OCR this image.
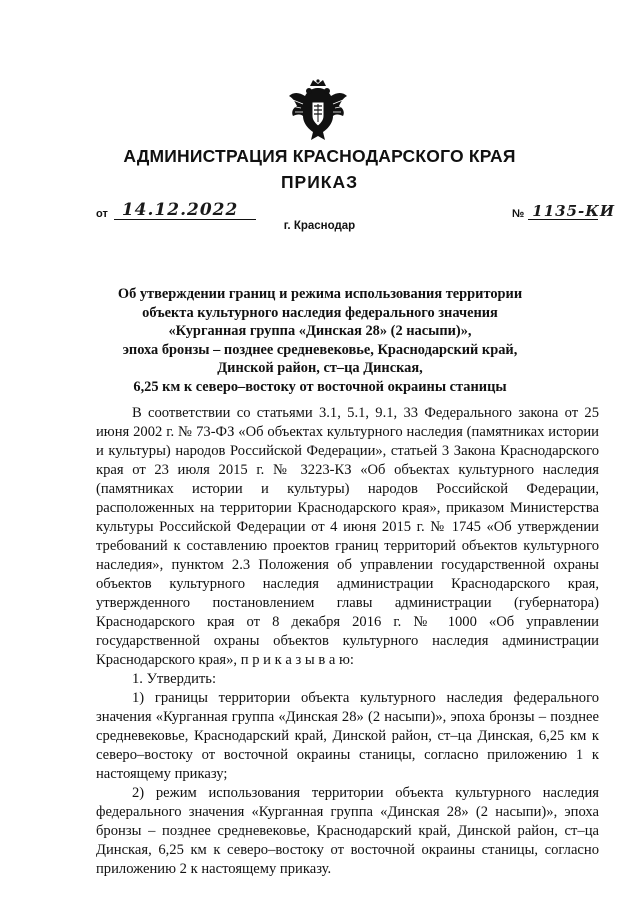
АДМИНИСТРАЦИЯ КРАСНОДАРСКОГО КРАЯ
ПРИКАЗ
от 14.12.2022	№ 1135-КИ
г. Краснодар
Об утверждении границ и режима использования территории
объекта культурного наследия федерального значения
«Курганная группа «Динская 28» (2 насыпи)»,
эпоха бронзы – позднее средневековье, Краснодарский край,
Динской район, ст–ца Динская,
6,25 км к северо–востоку от восточной окраины станицы

В соответствии со статьями 3.1, 5.1, 9.1, 33 Федерального закона от 25 июня 2002 г. № 73-ФЗ «Об объектах культурного наследия (памятниках истории и культуры) народов Российской Федерации», статьей 3 Закона Краснодарского края от 23 июля 2015 г. № 3223-КЗ «Об объектах культурного наследия (памятниках истории и культуры) народов Российской Федерации, расположенных на территории Краснодарского края», приказом Министерства культуры Российской Федерации от 4 июня 2015 г. № 1745 «Об утверждении требований к составлению проектов границ территорий объектов культурного наследия», пунктом 2.3 Положения об управлении государственной охраны объектов культурного наследия администрации Краснодарского края, утвержденного постановлением главы администрации (губернатора) Краснодарского края от 8 декабря 2016 г. № 1000 «Об управлении государственной охраны объектов культурного наследия администрации Краснодарского края», п р и к а з ы в а ю:

1. Утвердить:

1) границы территории объекта культурного наследия федерального значения «Курганная группа «Динская 28» (2 насыпи)», эпоха бронзы – позднее средневековье, Краснодарский край, Динской район, ст–ца Динская, 6,25 км к северо–востоку от восточной окраины станицы, согласно приложению 1 к настоящему приказу;

2) режим использования территории объекта культурного наследия федерального значения «Курганная группа «Динская 28» (2 насыпи)», эпоха бронзы – позднее средневековье, Краснодарский край, Динской район, ст–ца Динская, 6,25 км к северо–востоку от восточной окраины станицы, согласно приложению 2 к настоящему приказу.
